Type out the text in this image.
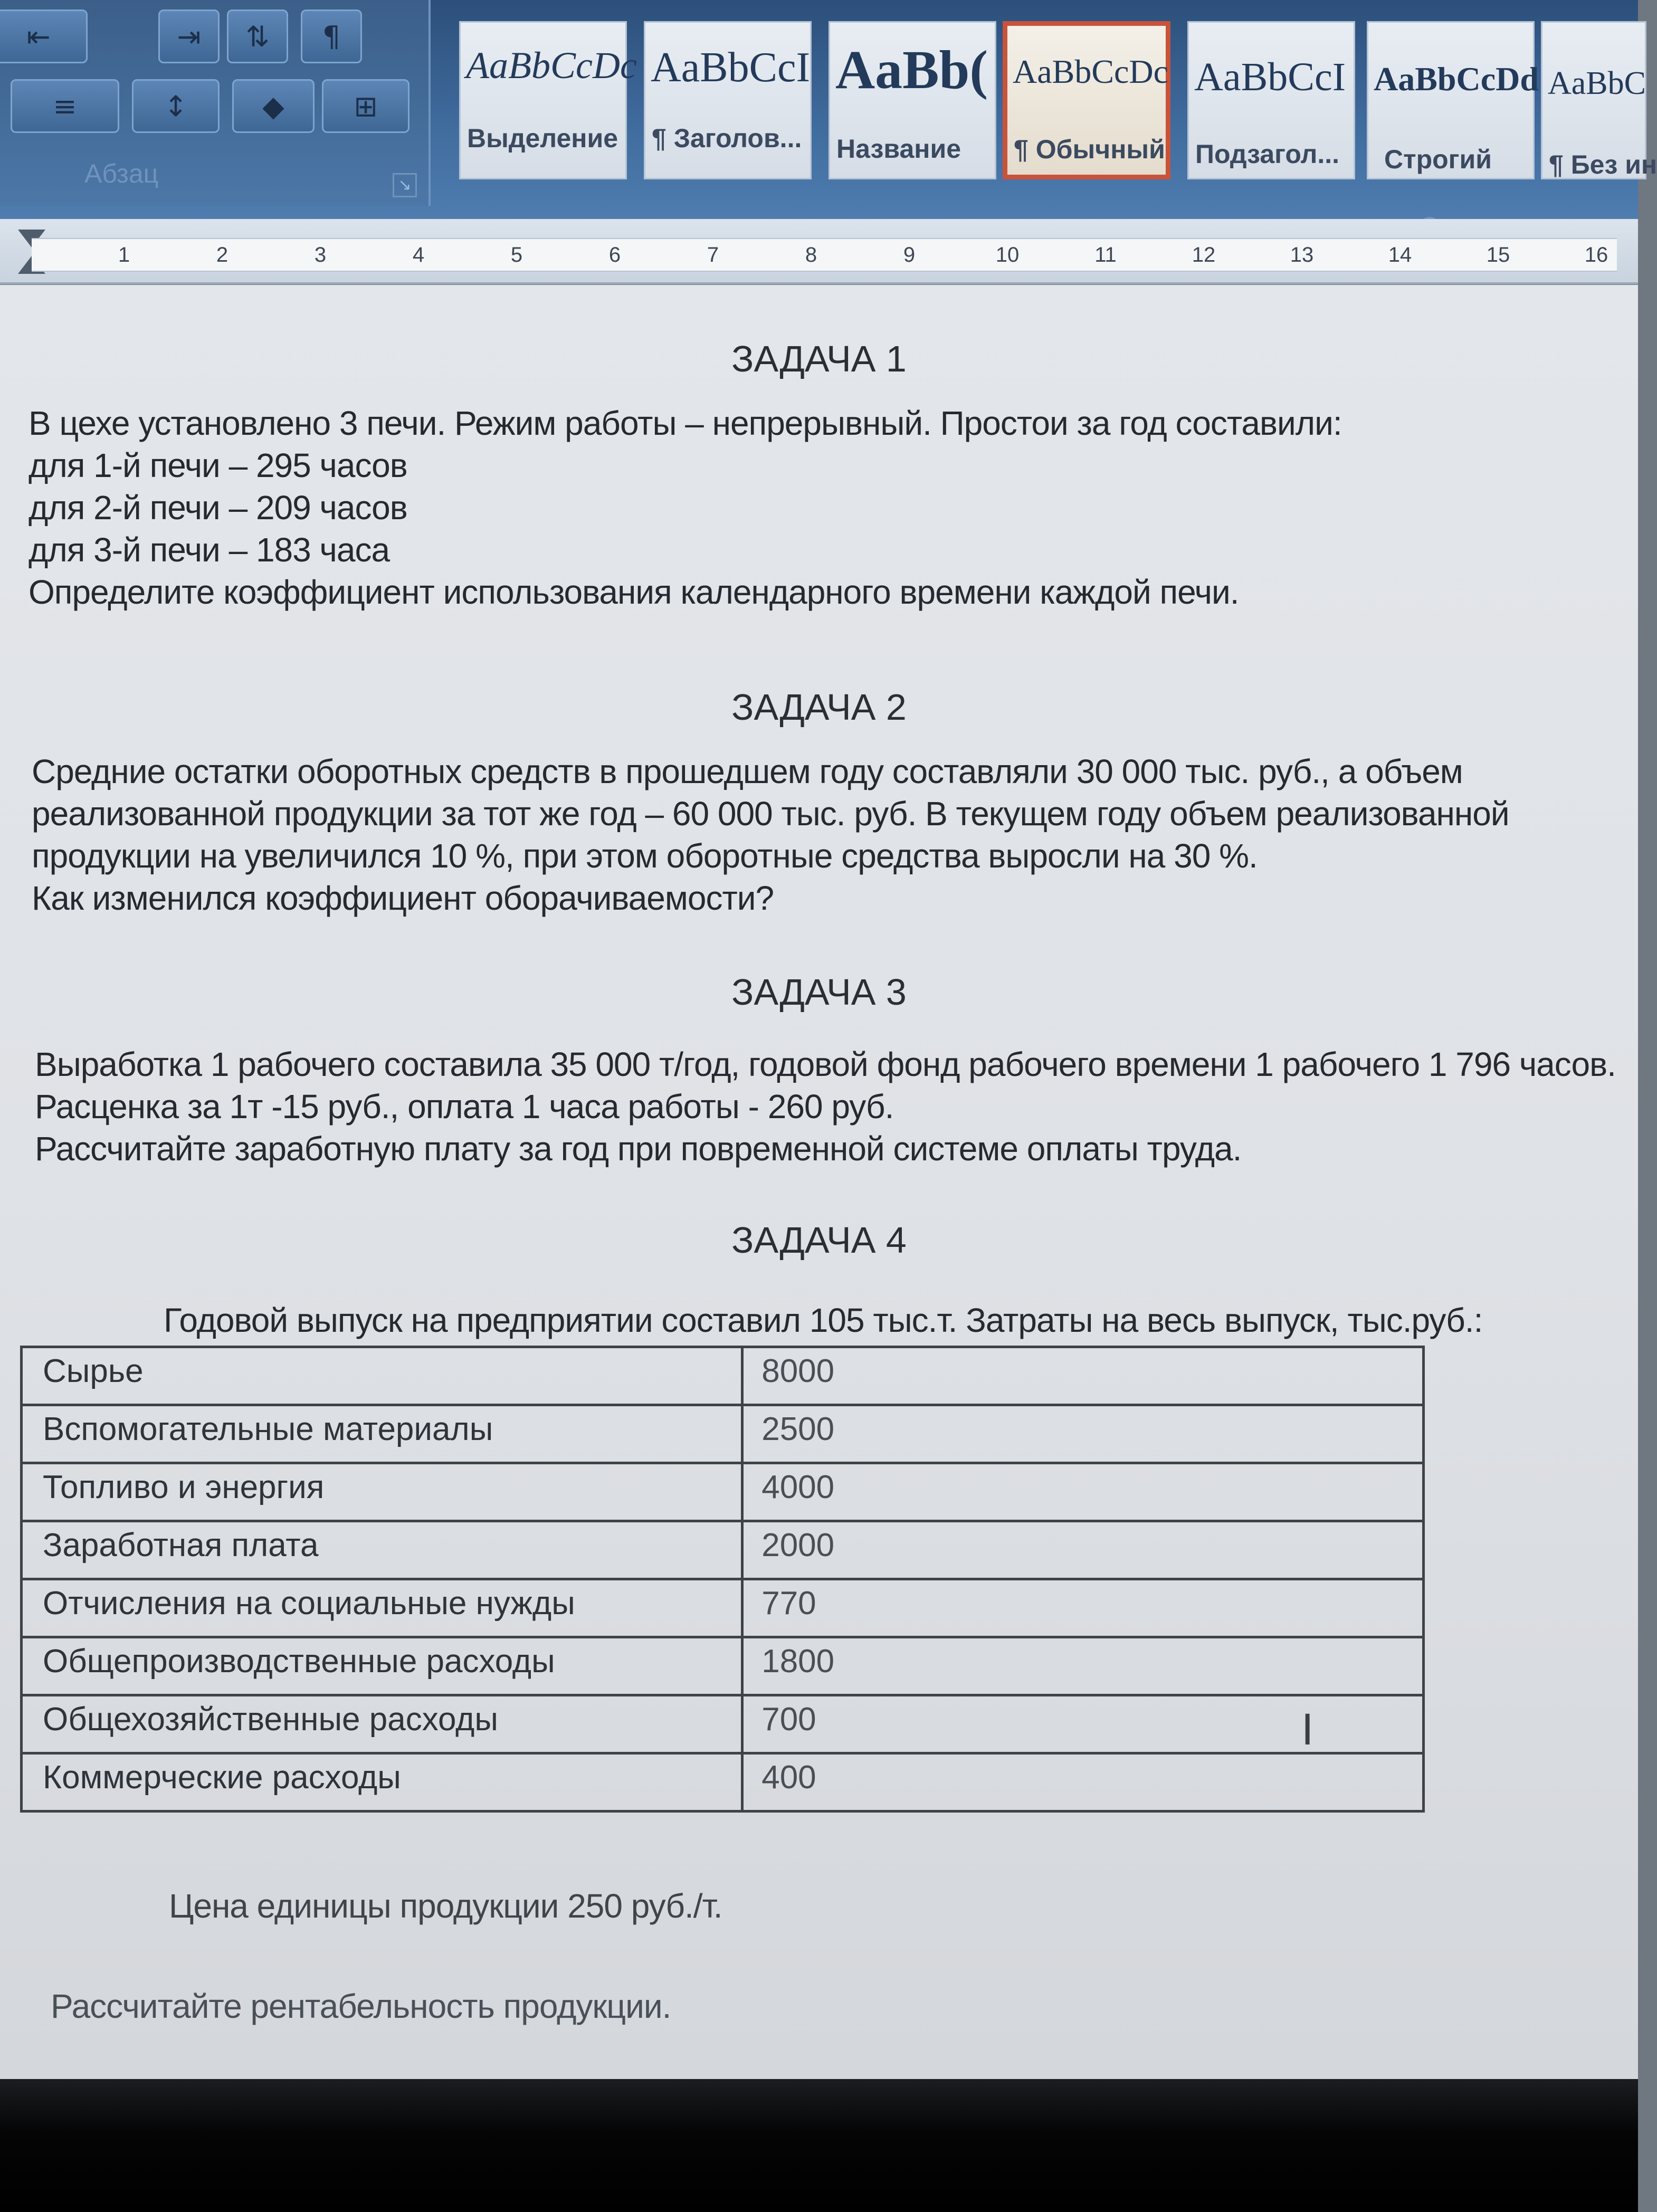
⇤	⇥	⇅	¶
≡	↕	◆	⊞
Абзац	↘
AaBbCcDc
Выделение
AaBbCcI
¶ Заголов...
AaBb(
Название
AaBbCcDc
¶ Обычный
AaBbCcI
Подзагол...
AaBbCcDd
Строгий
AaBbC
¶ Без ин
1	2	3	4	5	6	7	8	9	10	11	12	13	14	15	16
ЗАДАЧА 1
В цехе установлено 3 печи. Режим работы – непрерывный. Простои за год составили:
для 1-й печи – 295 часов
для 2-й печи – 209 часов
для 3-й печи – 183 часа
Определите коэффициент использования календарного времени каждой печи.
ЗАДАЧА 2
Средние остатки оборотных средств в прошедшем году составляли 30 000 тыс. руб., а объем
реализованной продукции за тот же год – 60 000 тыс. руб. В текущем году объем реализованной
продукции на увеличился 10 %, при этом оборотные средства выросли на 30 %.
Как изменился коэффициент оборачиваемости?
ЗАДАЧА 3
Выработка 1 рабочего составила 35 000 т/год, годовой фонд рабочего времени 1 рабочего 1 796 часов.
Расценка за 1т -15 руб., оплата 1 часа работы - 260 руб.
Рассчитайте заработную плату за год при повременной системе оплаты труда.
ЗАДАЧА 4
Годовой выпуск на предприятии составил 105 тыс.т. Затраты на весь выпуск, тыс.руб.:
Сырье	8000
Вспомогательные материалы	2500
Топливо и энергия	4000
Заработная плата	2000
Отчисления на социальные нужды	770
Общепроизводственные расходы	1800
Общехозяйственные расходы	700
Коммерческие расходы	400
Цена единицы продукции 250 руб./т.
Рассчитайте рентабельность продукции.
I
